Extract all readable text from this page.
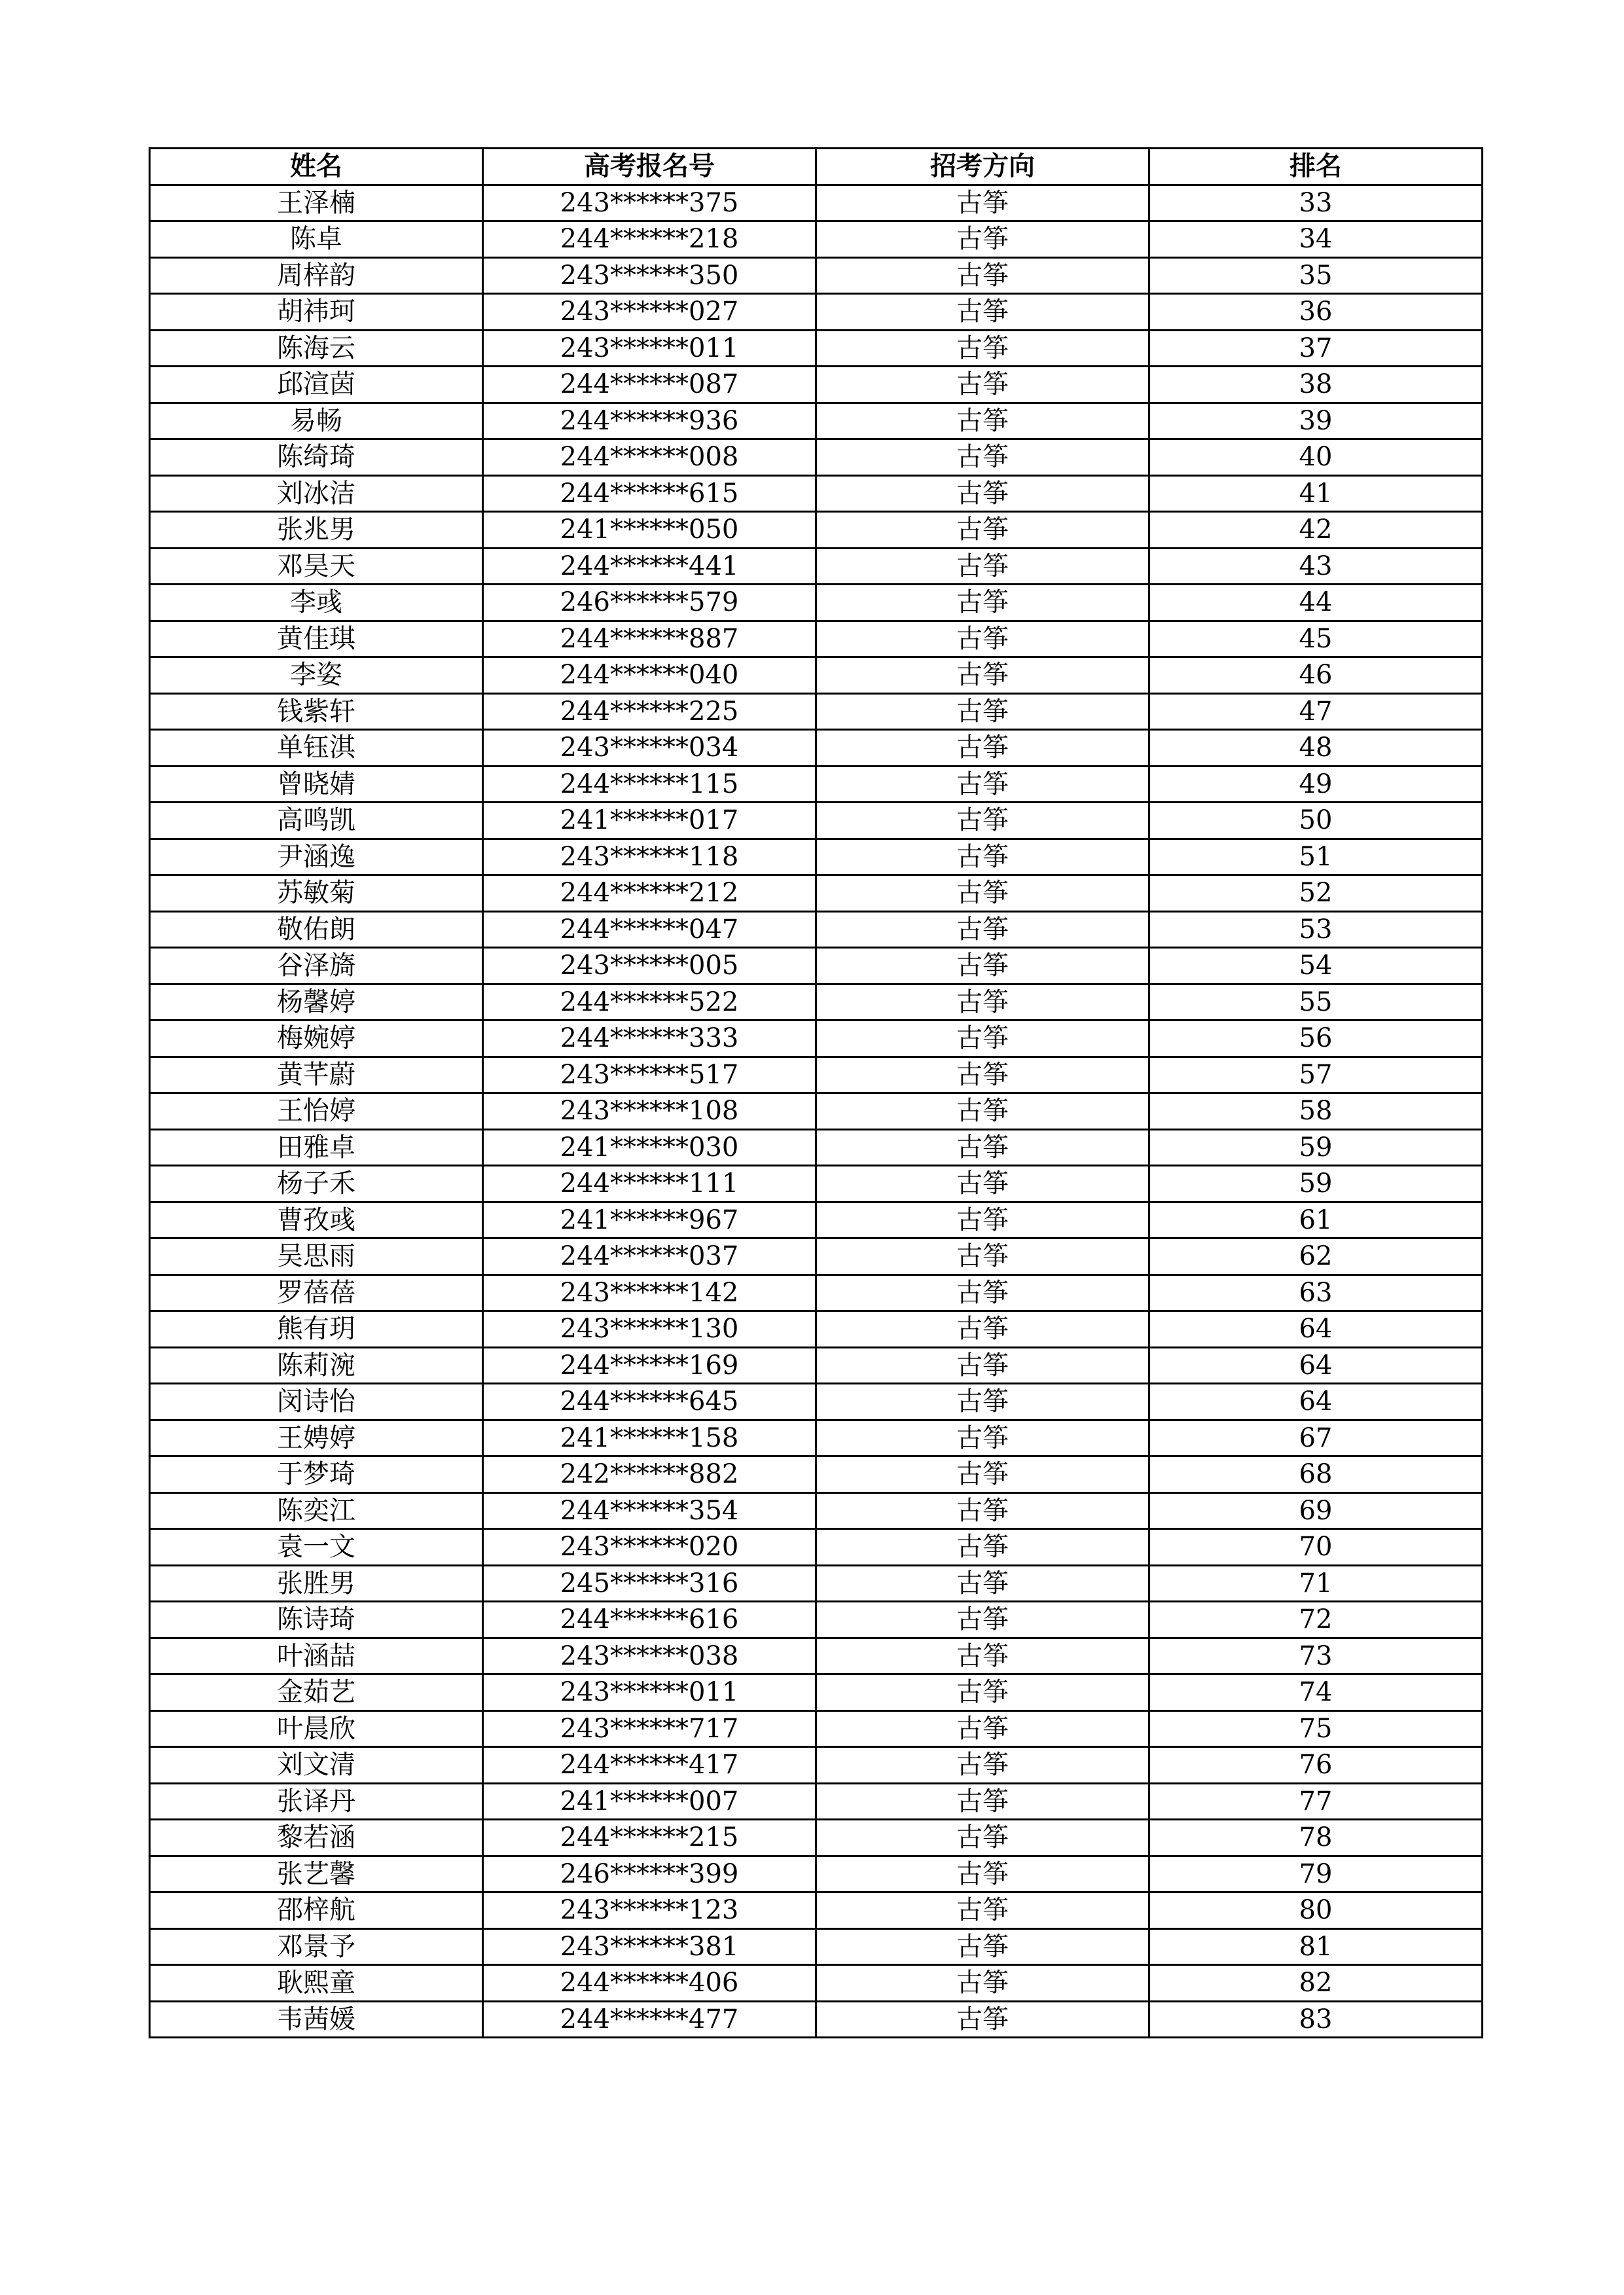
姓名	高考报名号	招考方向	排名
王泽楠	243******375	古筝	33
陈卓	244******218	古筝	34
周梓韵	243******350	古筝	35
胡祎珂	243******027	古筝	36
陈海云	243******011	古筝	37
邱渲茵	244******087	古筝	38
易畅	244******936	古筝	39
陈绮琦	244******008	古筝	40
刘冰洁	244******615	古筝	41
张兆男	241******050	古筝	42
邓昊天	244******441	古筝	43
李彧	246******579	古筝	44
黄佳琪	244******887	古筝	45
李姿	244******040	古筝	46
钱紫轩	244******225	古筝	47
单钰淇	243******034	古筝	48
曾晓婧	244******115	古筝	49
高鸣凯	241******017	古筝	50
尹涵逸	243******118	古筝	51
苏敏菊	244******212	古筝	52
敬佑朗	244******047	古筝	53
谷泽旖	243******005	古筝	54
杨馨婷	244******522	古筝	55
梅婉婷	244******333	古筝	56
黄芊蔚	243******517	古筝	57
王怡婷	243******108	古筝	58
田雅卓	241******030	古筝	59
杨子禾	244******111	古筝	59
曹孜彧	241******967	古筝	61
吴思雨	244******037	古筝	62
罗蓓蓓	243******142	古筝	63
熊有玥	243******130	古筝	64
陈莉涴	244******169	古筝	64
闵诗怡	244******645	古筝	64
王娉婷	241******158	古筝	67
于梦琦	242******882	古筝	68
陈奕江	244******354	古筝	69
袁一文	243******020	古筝	70
张胜男	245******316	古筝	71
陈诗琦	244******616	古筝	72
叶涵喆	243******038	古筝	73
金茹艺	243******011	古筝	74
叶晨欣	243******717	古筝	75
刘文清	244******417	古筝	76
张译丹	241******007	古筝	77
黎若涵	244******215	古筝	78
张艺馨	246******399	古筝	79
邵梓航	243******123	古筝	80
邓景予	243******381	古筝	81
耿熙童	244******406	古筝	82
韦茜媛	244******477	古筝	83
